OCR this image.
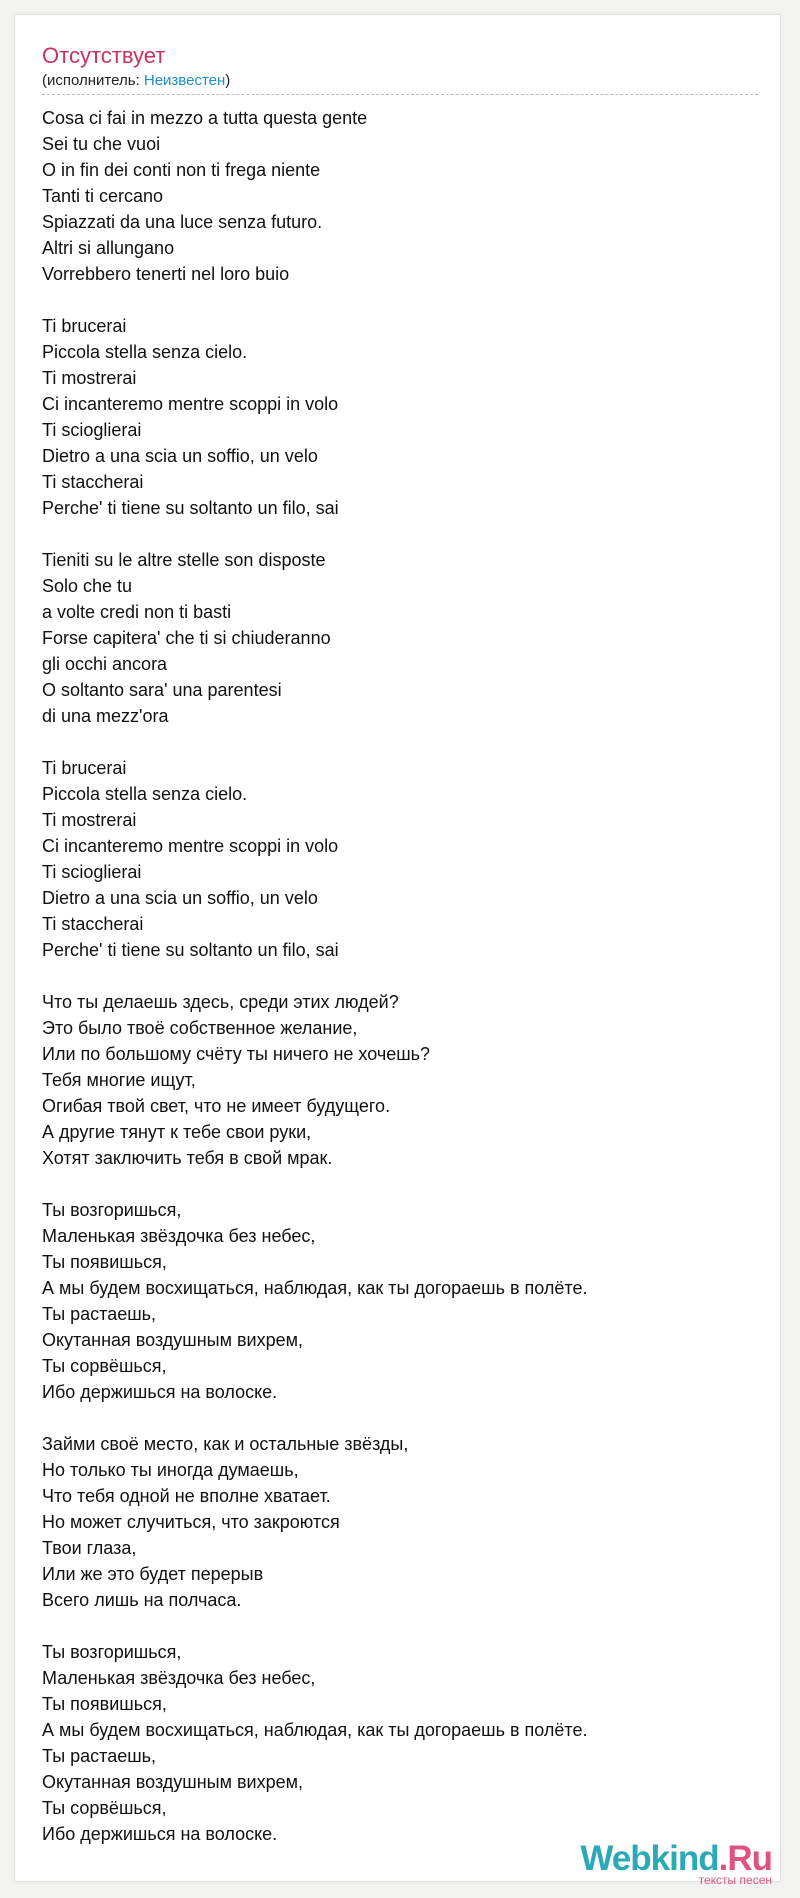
Отсутствует
(исполнитель: Неизвестен)
Cosa ci fai in mezzo a tutta questa gente
Sei tu che vuoi
O in fin dei conti non ti frega niente
Tanti ti cercano
Spiazzati da una luce senza futuro.
Altri si allungano
Vorrebbero tenerti nel loro buio
Ti brucerai
Piccola stella senza cielo.
Ti mostrerai
Ci incanteremo mentre scoppi in volo
Ti scioglierai
Dietro a una scia un soffio, un velo
Ti staccherai
Perche' ti tiene su soltanto un filo, sai
Tieniti su le altre stelle son disposte
Solo che tu
a volte credi non ti basti
Forse capitera' che ti si chiuderanno
gli occhi ancora
O soltanto sara' una parentesi
di una mezz'ora
Ti brucerai
Piccola stella senza cielo.
Ti mostrerai
Ci incanteremo mentre scoppi in volo
Ti scioglierai
Dietro a una scia un soffio, un velo
Ti staccherai
Perche' ti tiene su soltanto un filo, sai
Что ты делаешь здесь, среди этих людей?
Это было твоё собственное желание,
Или по большому счёту ты ничего не хочешь?
Тебя многие ищут,
Огибая твой свет, что не имеет будущего.
А другие тянут к тебе свои руки,
Хотят заключить тебя в свой мрак.
Ты возгоришься,
Маленькая звёздочка без небес,
Ты появишься,
А мы будем восхищаться, наблюдая, как ты догораешь в полёте.
Ты растаешь,
Окутанная воздушным вихрем,
Ты сорвёшься,
Ибо держишься на волоске.
Займи своё место, как и остальные звёзды,
Но только ты иногда думаешь,
Что тебя одной не вполне хватает.
Но может случиться, что закроются
Твои глаза,
Или же это будет перерыв
Всего лишь на полчаса.
Ты возгоришься,
Маленькая звёздочка без небес,
Ты появишься,
А мы будем восхищаться, наблюдая, как ты догораешь в полёте.
Ты растаешь,
Окутанная воздушным вихрем,
Ты сорвёшься,
Ибо держишься на волоске.
Webkind.Ru
тексты песен
